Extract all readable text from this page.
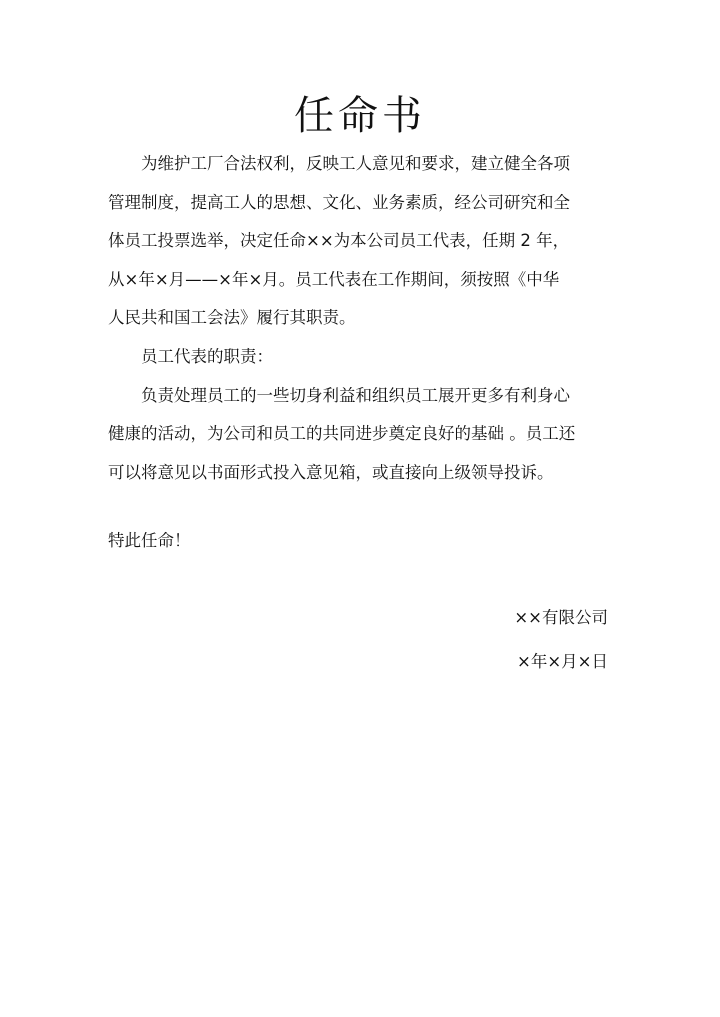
任命书

为维护工厂合法权利，反映工人意见和要求，建立健全各项

管理制度，提高工人的思想、文化、业务素质，经公司研究和全

体员工投票选举，决定任命××为本公司员工代表，任期 2 年，

从×年×月——×年×月。员工代表在工作期间，须按照《中华

人民共和国工会法》履行其职责。

员工代表的职责：

负责处理员工的一些切身利益和组织员工展开更多有利身心

健康的活动，为公司和员工的共同进步奠定良好的基础 。员工还

可以将意见以书面形式投入意见箱，或直接向上级领导投诉。

特此任命！
××有限公司
×年×月×日
